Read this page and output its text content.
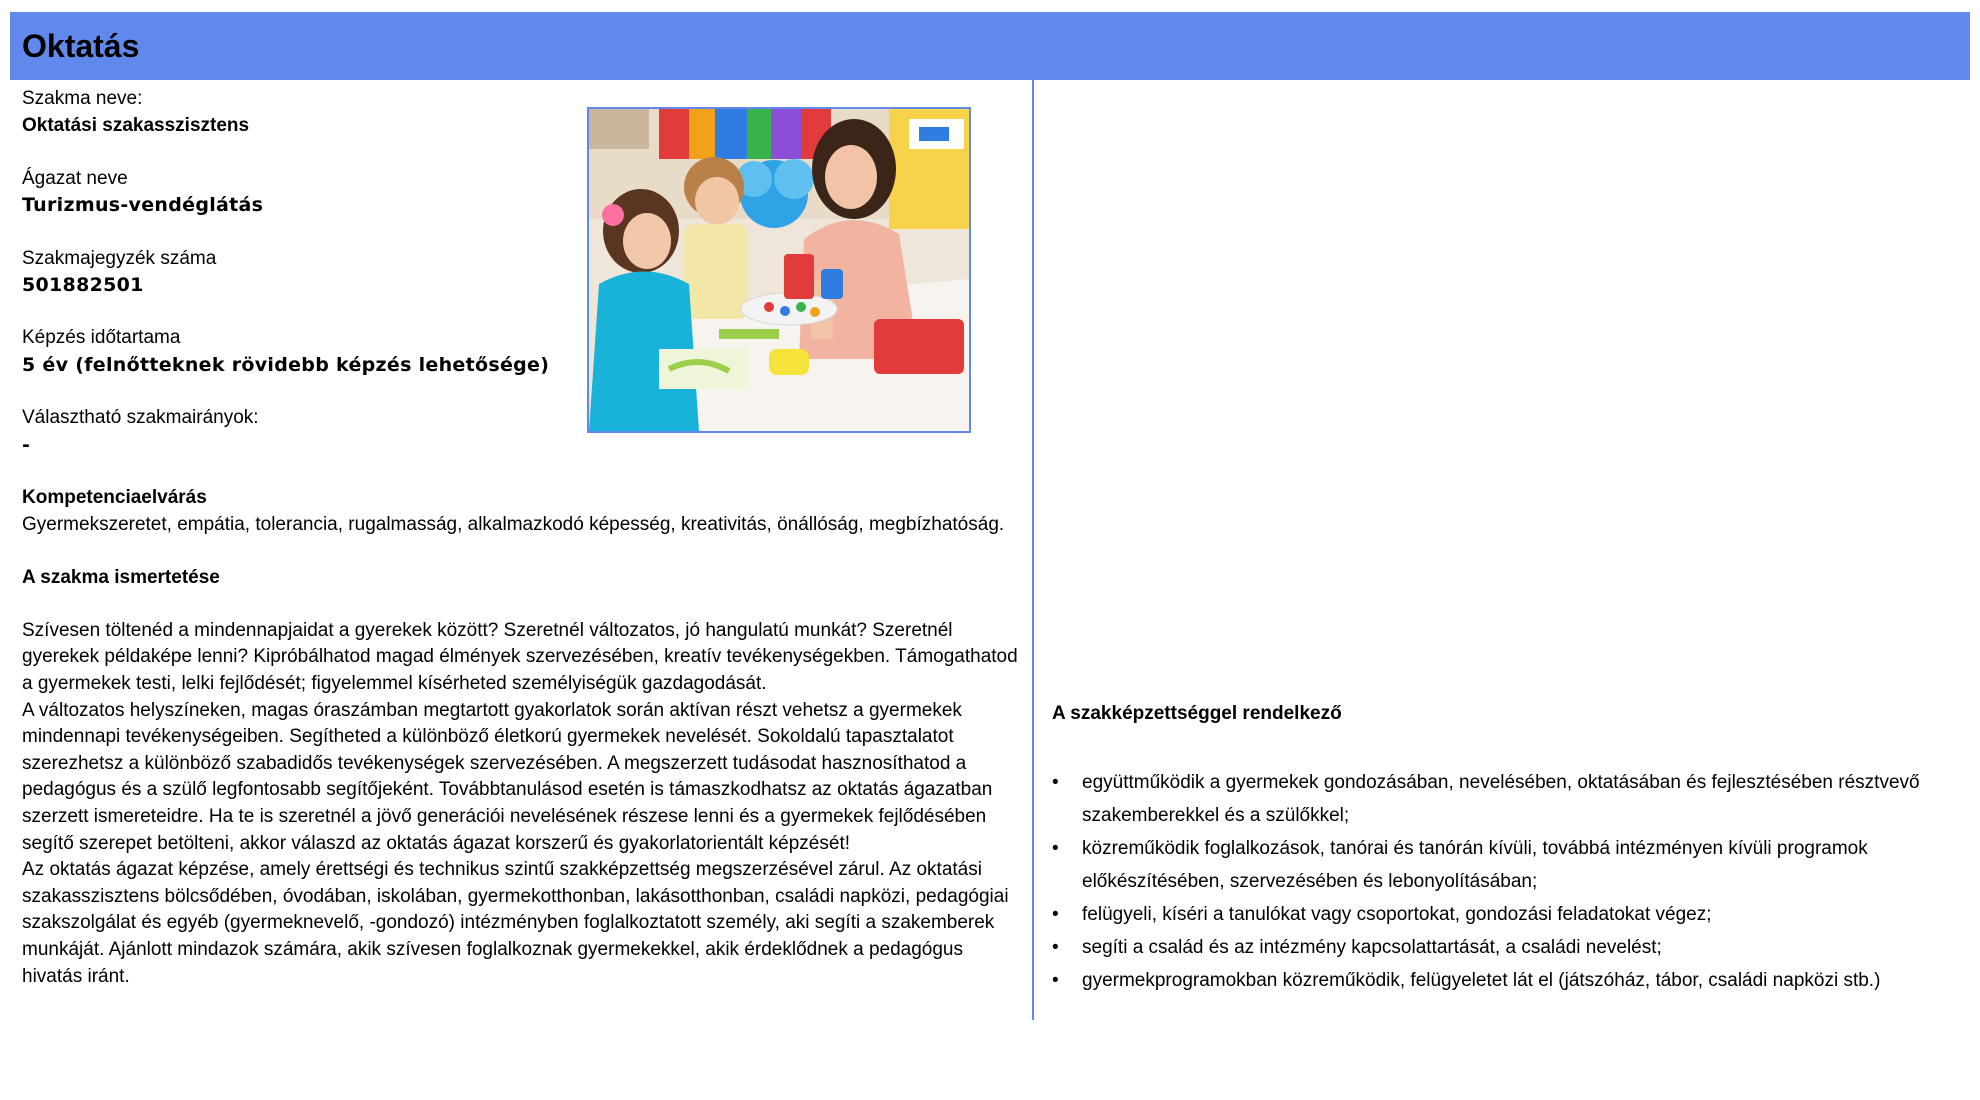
Oktatás

Szakma neve:

Oktatási szakasszisztens

Ágazat neve

Turizmus-vendéglátás

Szakmajegyzék száma

501882501

Képzés időtartama

5 év (felnőtteknek rövidebb képzés lehetősége)

Választható szakmairányok:

-

Kompetenciaelvárás

Gyermekszeretet, empátia, tolerancia, rugalmasság, alkalmazkodó képesség, kreativitás, önállóság, megbízhatóság.

A szakma ismertetése

Szívesen töltenéd a mindennapjaidat a gyerekek között? Szeretnél változatos, jó hangulatú munkát? Szeretnél gyerekek példaképe lenni? Kipróbálhatod magad élmények szervezésében, kreatív tevékenységekben. Támogathatod a gyermekek testi, lelki fejlődését; figyelemmel kísérheted személyiségük gazdagodását.

A változatos helyszíneken, magas óraszámban megtartott gyakorlatok során aktívan részt vehetsz a gyermekek mindennapi tevékenységeiben. Segítheted a különböző életkorú gyermekek nevelését. Sokoldalú tapasztalatot szerezhetsz a különböző szabadidős tevékenységek szervezésében. A megszerzett tudásodat hasznosíthatod a pedagógus és a szülő legfontosabb segítőjeként. Továbbtanulásod esetén is támaszkodhatsz az oktatás ágazatban szerzett ismereteidre. Ha te is szeretnél a jövő generációi nevelésének részese lenni és a gyermekek fejlődésében segítő szerepet betölteni, akkor válaszd az oktatás ágazat korszerű és gyakorlatorientált képzését!

Az oktatás ágazat képzése, amely érettségi és technikus szintű szakképzettség megszerzésével zárul. Az oktatási szakasszisztens bölcsődében, óvodában, iskolában, gyermekotthonban, lakásotthonban, családi napközi, pedagógiai szakszolgálat és egyéb (gyermeknevelő, -gondozó) intézményben foglalkoztatott személy, aki segíti a szakemberek munkáját. Ajánlott mindazok számára, akik szívesen foglalkoznak gyermekekkel, akik érdeklődnek a pedagógus hivatás iránt.

A szakképzettséggel rendelkező

• együttműködik a gyermekek gondozásában, nevelésében, oktatásában és fejlesztésében résztvevő szakemberekkel és a szülőkkel;
• közreműködik foglalkozások, tanórai és tanórán kívüli, továbbá intézményen kívüli programok előkészítésében, szervezésében és lebonyolításában;
• felügyeli, kíséri a tanulókat vagy csoportokat, gondozási feladatokat végez;
• segíti a család és az intézmény kapcsolattartását, a családi nevelést;
• gyermekprogramokban közreműködik, felügyeletet lát el (játszóház, tábor, családi napközi stb.)
